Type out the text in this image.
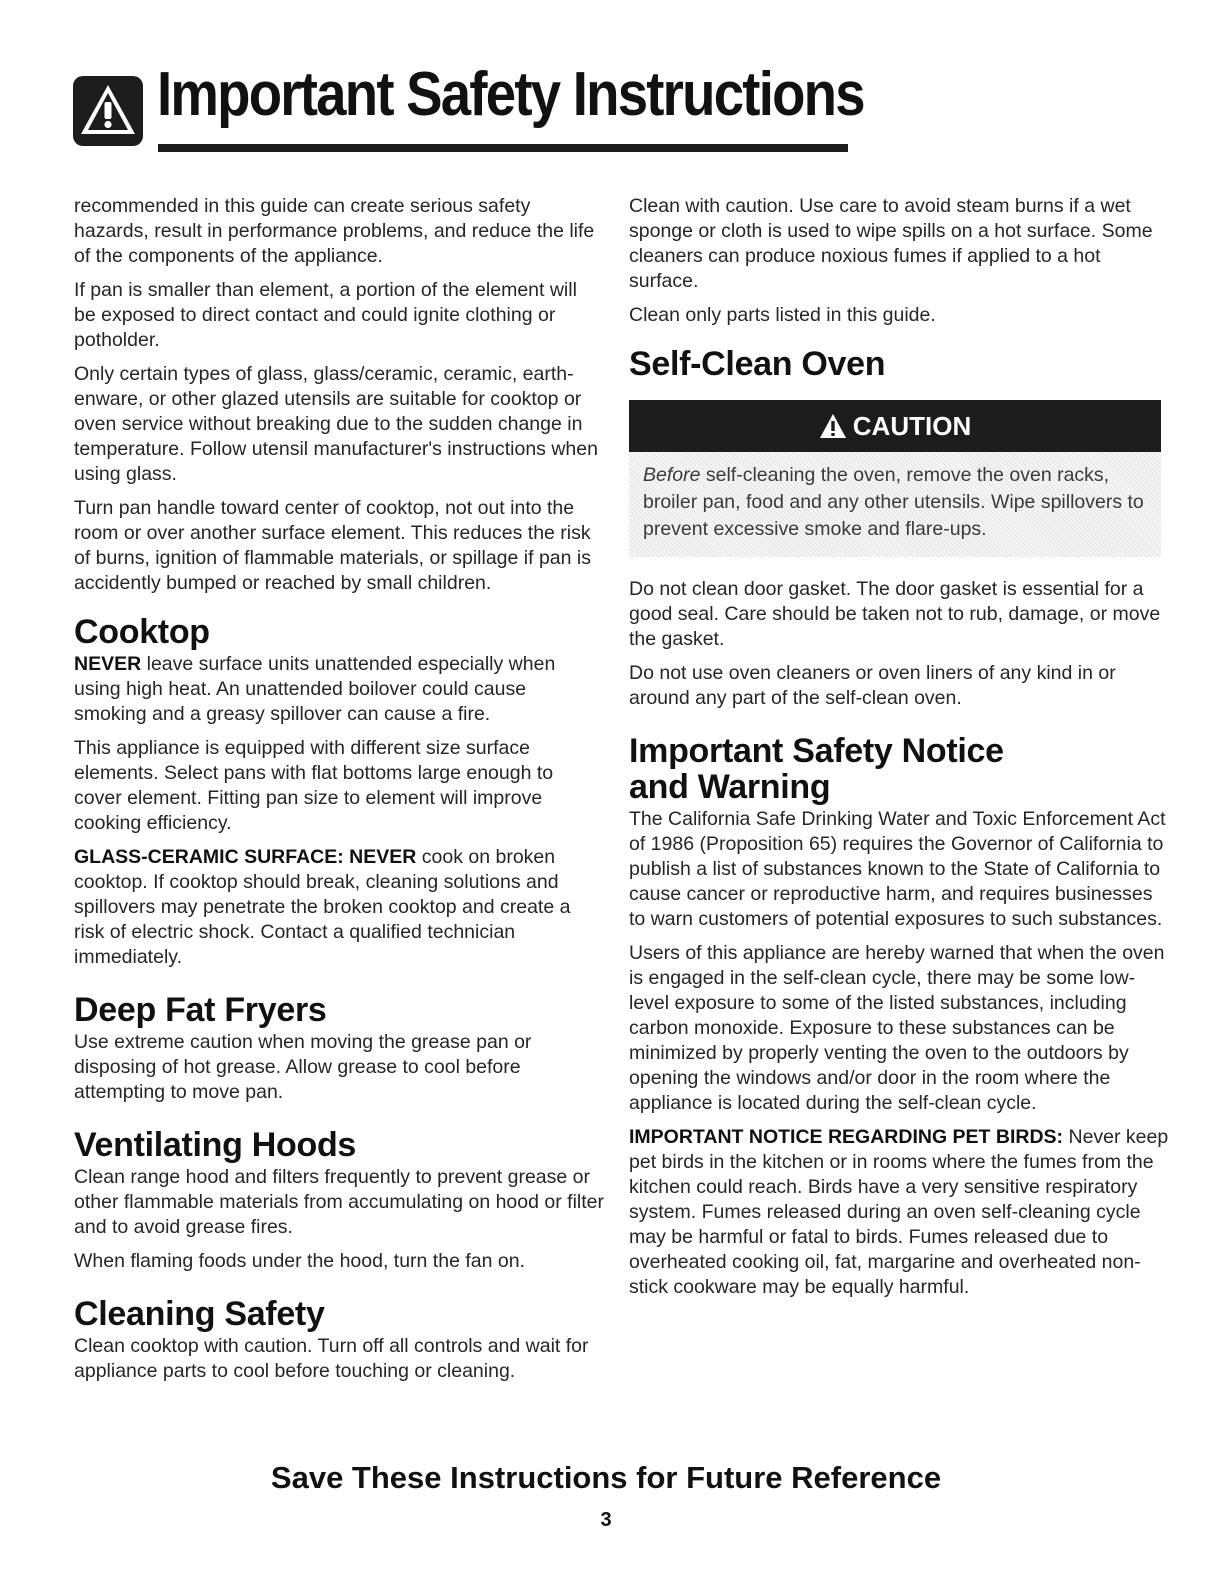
Important Safety Instructions

recommended in this guide can create serious safety hazards, result in performance problems, and reduce the life of the components of the appliance.

If pan is smaller than element, a portion of the element will be exposed to direct contact and could ignite clothing or potholder.

Only certain types of glass, glass/ceramic, ceramic, earth-enware, or other glazed utensils are suitable for cooktop or oven service without breaking due to the sudden change in temperature. Follow utensil manufacturer's instructions when using glass.

Turn pan handle toward center of cooktop, not out into the room or over another surface element. This reduces the risk of burns, ignition of flammable materials, or spillage if pan is accidently bumped or reached by small children.

Cooktop

NEVER leave surface units unattended especially when using high heat. An unattended boilover could cause smoking and a greasy spillover can cause a fire.

This appliance is equipped with different size surface elements. Select pans with flat bottoms large enough to cover element. Fitting pan size to element will improve cooking efficiency.

GLASS-CERAMIC SURFACE: NEVER cook on broken cooktop. If cooktop should break, cleaning solutions and spillovers may penetrate the broken cooktop and create a risk of electric shock. Contact a qualified technician immediately.

Deep Fat Fryers

Use extreme caution when moving the grease pan or disposing of hot grease. Allow grease to cool before attempting to move pan.

Ventilating Hoods

Clean range hood and filters frequently to prevent grease or other flammable materials from accumulating on hood or filter and to avoid grease fires.

When flaming foods under the hood, turn the fan on.

Cleaning Safety

Clean cooktop with caution. Turn off all controls and wait for appliance parts to cool before touching or cleaning.

Clean with caution. Use care to avoid steam burns if a wet sponge or cloth is used to wipe spills on a hot surface. Some cleaners can produce noxious fumes if applied to a hot surface.

Clean only parts listed in this guide.

Self-Clean Oven
CAUTION
Before self-cleaning the oven, remove the oven racks, broiler pan, food and any other utensils. Wipe spillovers to prevent excessive smoke and flare-ups.

Do not clean door gasket. The door gasket is essential for a good seal. Care should be taken not to rub, damage, or move the gasket.

Do not use oven cleaners or oven liners of any kind in or around any part of the self-clean oven.

Important Safety Notice
and Warning

The California Safe Drinking Water and Toxic Enforcement Act of 1986 (Proposition 65) requires the Governor of California to publish a list of substances known to the State of California to cause cancer or reproductive harm, and requires businesses to warn customers of potential exposures to such substances.

Users of this appliance are hereby warned that when the oven is engaged in the self-clean cycle, there may be some low-level exposure to some of the listed substances, including carbon monoxide. Exposure to these substances can be minimized by properly venting the oven to the outdoors by opening the windows and/or door in the room where the appliance is located during the self-clean cycle.

IMPORTANT NOTICE REGARDING PET BIRDS: Never keep pet birds in the kitchen or in rooms where the fumes from the kitchen could reach. Birds have a very sensitive respiratory system. Fumes released during an oven self-cleaning cycle may be harmful or fatal to birds. Fumes released due to overheated cooking oil, fat, margarine and overheated non-stick cookware may be equally harmful.

Save These Instructions for Future Reference
3
